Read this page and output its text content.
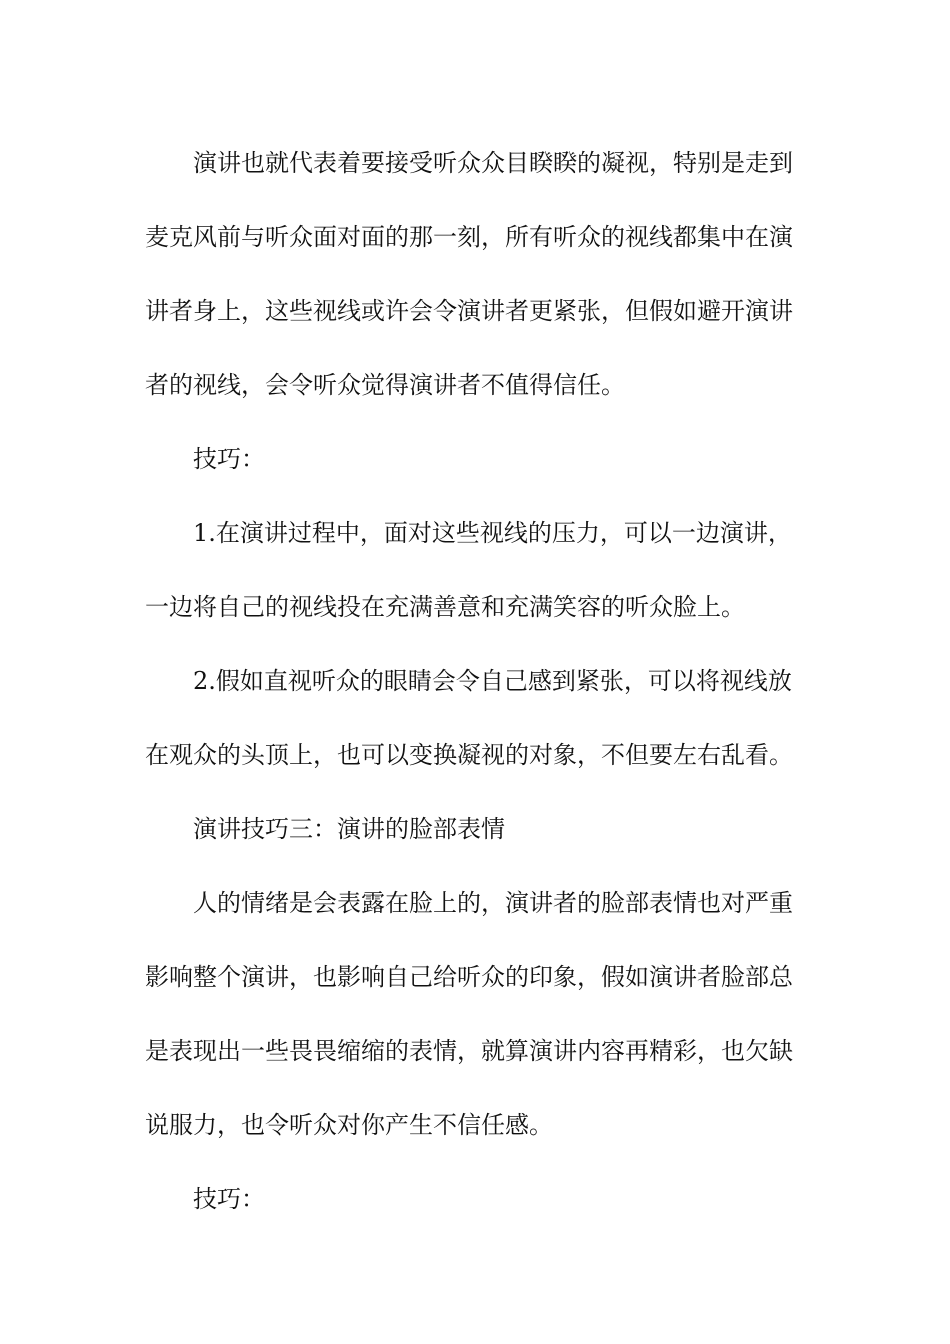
演讲也就代表着要接受听众众目睽睽的凝视，特别是走到
麦克风前与听众面对面的那一刻，所有听众的视线都集中在演
讲者身上，这些视线或许会令演讲者更紧张，但假如避开演讲
者的视线，会令听众觉得演讲者不值得信任。

技巧：

1.在演讲过程中，面对这些视线的压力，可以一边演讲，
一边将自己的视线投在充满善意和充满笑容的听众脸上。

2.假如直视听众的眼睛会令自己感到紧张，可以将视线放
在观众的头顶上，也可以变换凝视的对象，不但要左右乱看。

演讲技巧三：演讲的脸部表情

人的情绪是会表露在脸上的，演讲者的脸部表情也对严重
影响整个演讲，也影响自己给听众的印象，假如演讲者脸部总
是表现出一些畏畏缩缩的表情，就算演讲内容再精彩，也欠缺
说服力，也令听众对你产生不信任感。

技巧：
